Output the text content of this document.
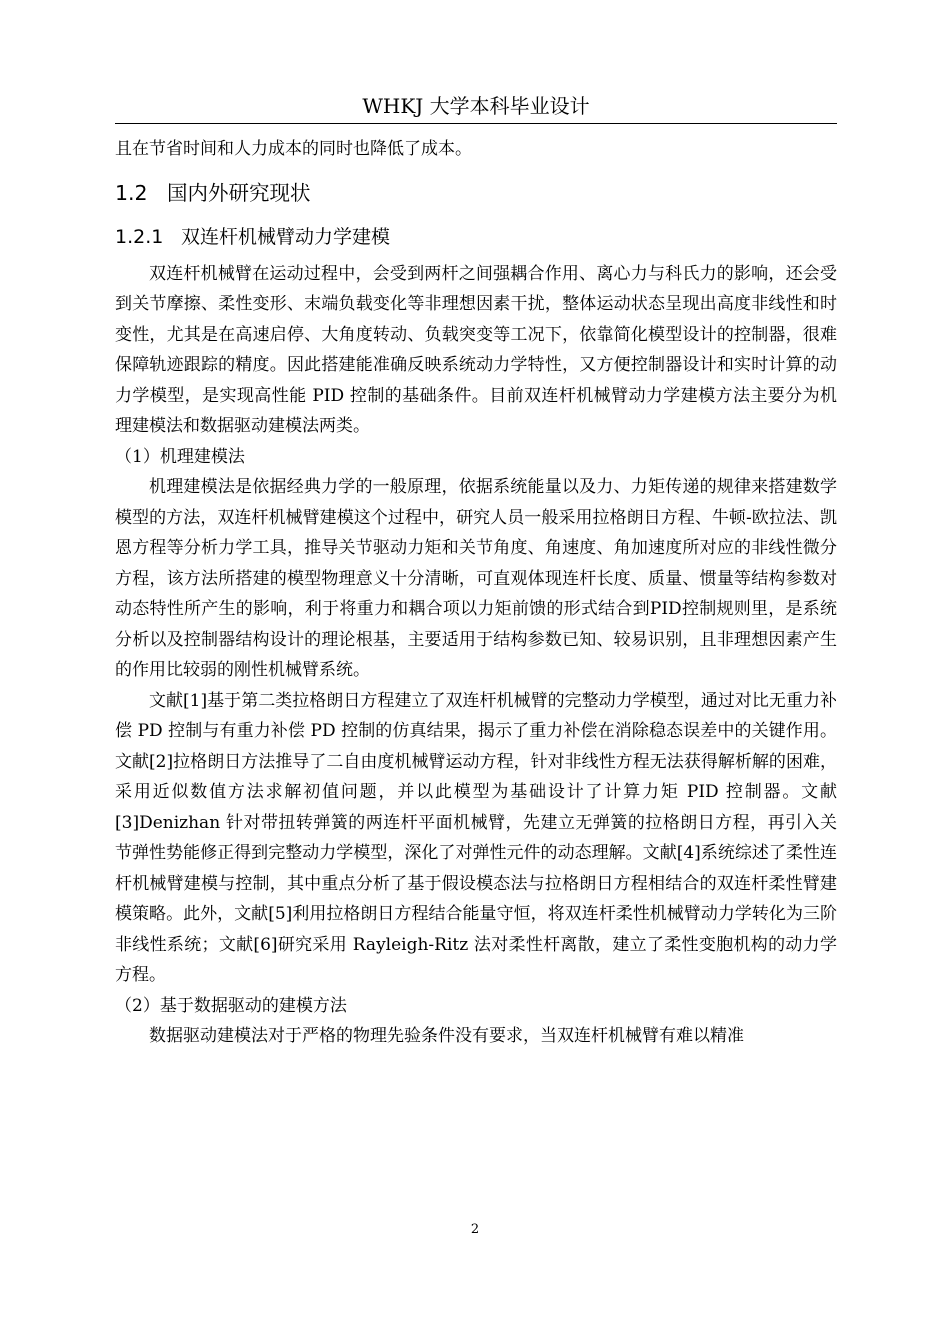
WHKJ 大学本科毕业设计

且在节省时间和人力成本的同时也降低了成本。

1.2 国内外研究现状

1.2.1 双连杆机械臂动力学建模

双连杆机械臂在运动过程中，会受到两杆之间强耦合作用、离心力与科氏力的影响，还会受到关节摩擦、柔性变形、末端负载变化等非理想因素干扰，整体运动状态呈现出高度非线性和时变性，尤其是在高速启停、大角度转动、负载突变等工况下，依靠简化模型设计的控制器，很难保障轨迹跟踪的精度。因此搭建能准确反映系统动力学特性，又方便控制器设计和实时计算的动力学模型，是实现高性能 PID 控制的基础条件。目前双连杆机械臂动力学建模方法主要分为机理建模法和数据驱动建模法两类。

（1）机理建模法

机理建模法是依据经典力学的一般原理，依据系统能量以及力、力矩传递的规律来搭建数学模型的方法，双连杆机械臂建模这个过程中，研究人员一般采用拉格朗日方程、牛顿-欧拉法、凯恩方程等分析力学工具，推导关节驱动力矩和关节角度、角速度、角加速度所对应的非线性微分方程，该方法所搭建的模型物理意义十分清晰，可直观体现连杆长度、质量、惯量等结构参数对动态特性所产生的影响，利于将重力和耦合项以力矩前馈的形式结合到PID控制规则里，是系统分析以及控制器结构设计的理论根基，主要适用于结构参数已知、较易识别，且非理想因素产生的作用比较弱的刚性机械臂系统。

文献[1]基于第二类拉格朗日方程建立了双连杆机械臂的完整动力学模型，通过对比无重力补偿 PD 控制与有重力补偿 PD 控制的仿真结果，揭示了重力补偿在消除稳态误差中的关键作用。文献[2]拉格朗日方法推导了二自由度机械臂运动方程，针对非线性方程无法获得解析解的困难，采用近似数值方法求解初值问题，并以此模型为基础设计了计算力矩 PID 控制器。文献[3]Denizhan 针对带扭转弹簧的两连杆平面机械臂，先建立无弹簧的拉格朗日方程，再引入关节弹性势能修正得到完整动力学模型，深化了对弹性元件的动态理解。文献[4]系统综述了柔性连杆机械臂建模与控制，其中重点分析了基于假设模态法与拉格朗日方程相结合的双连杆柔性臂建模策略。此外，文献[5]利用拉格朗日方程结合能量守恒，将双连杆柔性机械臂动力学转化为三阶非线性系统；文献[6]研究采用 Rayleigh-Ritz 法对柔性杆离散，建立了柔性变胞机构的动力学方程。

（2）基于数据驱动的建模方法

数据驱动建模法对于严格的物理先验条件没有要求，当双连杆机械臂有难以精准

2
